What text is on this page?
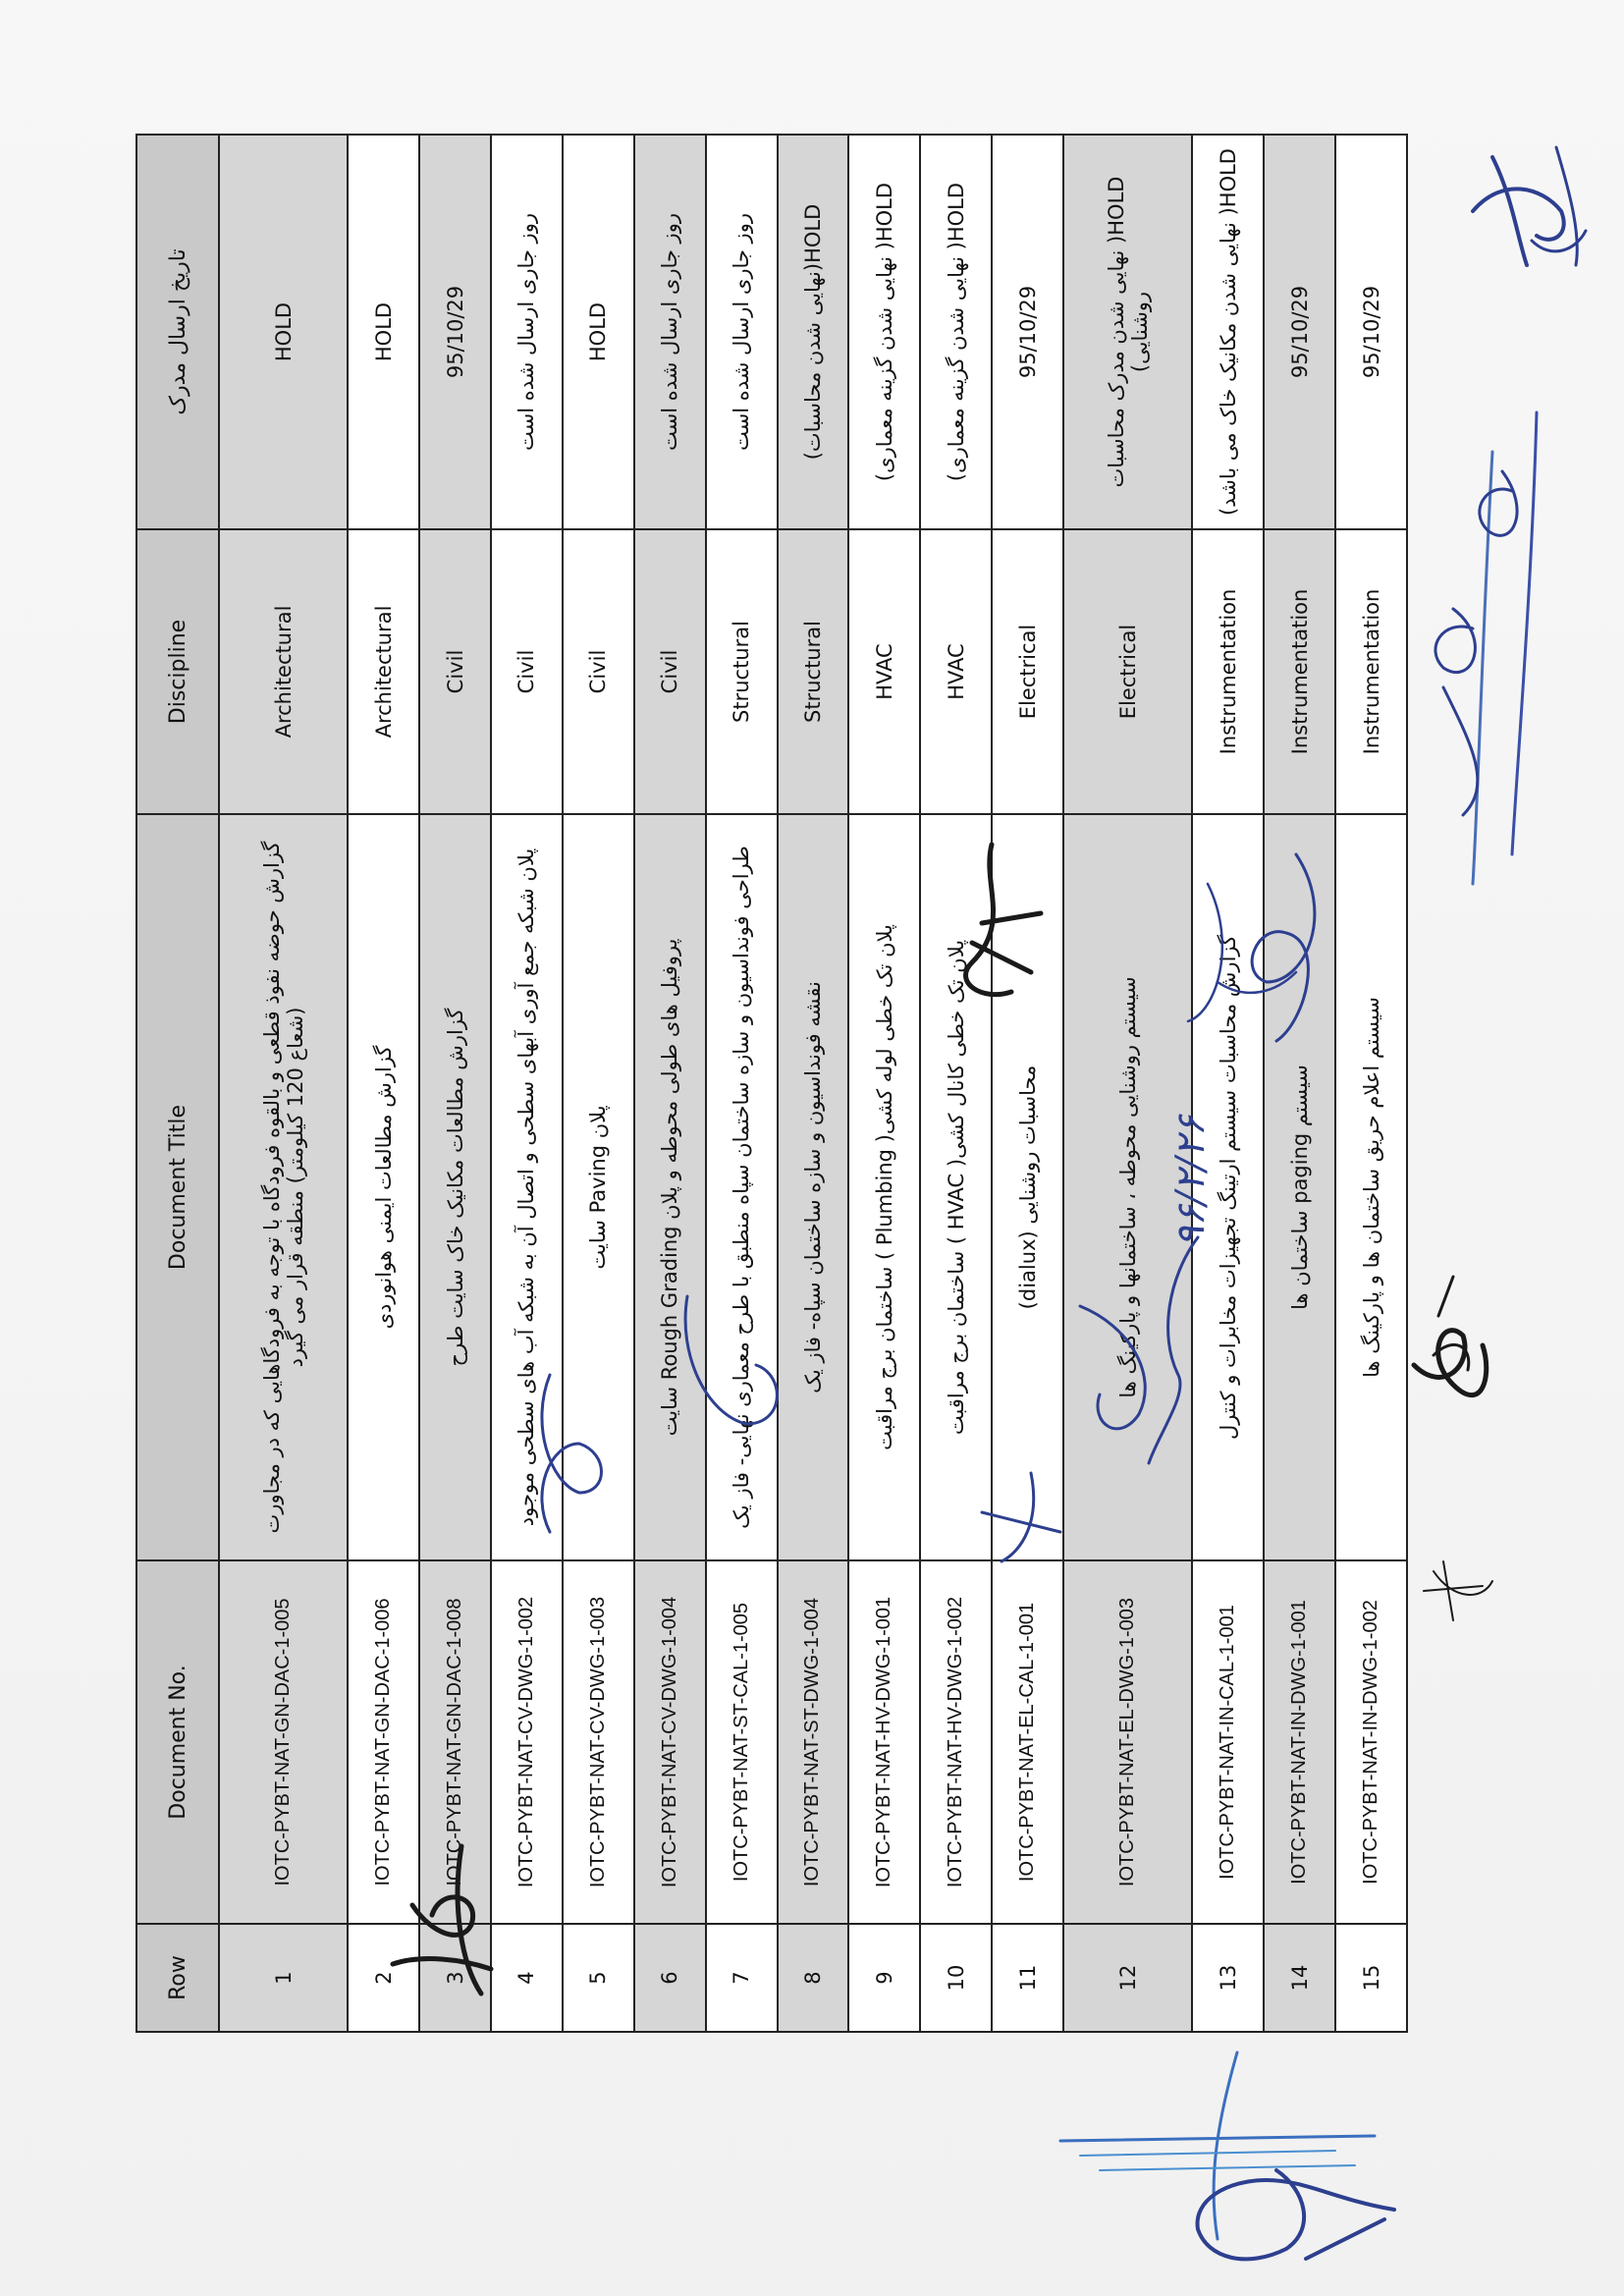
Row	Document No.	Document Title	Discipline	تاریخ ارسال مدرک
1	IOTC-PYBT-NAT-GN-DAC-1-005	گزارش حوضه نفوذ قطعی و بالقوه فرودگاه با توجه به فرودگاهایی که در مجاورت (شعاع 120 کیلومتر) منطقه قرار می گیرد	Architectural	HOLD
2	IOTC-PYBT-NAT-GN-DAC-1-006	گزارش مطالعات ایمنی هوانوردی	Architectural	HOLD
3	IOTC-PYBT-NAT-GN-DAC-1-008	گزارش مطالعات مکانیک خاک سایت طرح	Civil	95/10/29
4	IOTC-PYBT-NAT-CV-DWG-1-002	پلان شبکه جمع آوری آبهای سطحی و اتصال آن به شبکه آب های سطحی موجود	Civil	روز جاری ارسال شده است
5	IOTC-PYBT-NAT-CV-DWG-1-003	پلان Paving سایت	Civil	HOLD
6	IOTC-PYBT-NAT-CV-DWG-1-004	پروفیل های طولی محوطه و پلان Rough Grading سایت	Civil	روز جاری ارسال شده است
7	IOTC-PYBT-NAT-ST-CAL-1-005	طراحی فونداسیون و سازه ساختمان سپاه منطبق با طرح معماری نهایی- فاز یک	Structural	روز جاری ارسال شده است
8	IOTC-PYBT-NAT-ST-DWG-1-004	نقشه فونداسیون و سازه ساختمان سپاه- فاز یک	Structural	HOLD(نهایی شدن محاسبات)
9	IOTC-PYBT-NAT-HV-DWG-1-001	پلان تک خطی لوله کشی( Plumbing ) ساختمان برج مراقبت	HVAC	HOLD( نهایی شدن گزینه معماری)
10	IOTC-PYBT-NAT-HV-DWG-1-002	پلان تک خطی کانال کشی( HVAC ) ساختمان برج مراقبت	HVAC	HOLD( نهایی شدن گزینه معماری)
11	IOTC-PYBT-NAT-EL-CAL-1-001	محاسبات روشنایی (dialux)	Electrical	95/10/29
12	IOTC-PYBT-NAT-EL-DWG-1-003	سیستم روشنایی محوطه ، ساختمانها و پارکینگ ها	Electrical	HOLD( نهایی شدن مدرک محاسبات روشنایی)
13	IOTC-PYBT-NAT-IN-CAL-1-001	گزارش محاسبات سیستم ارتینگ تجهیزات مخابرات و کنترل	Instrumentation	HOLD( نهایی شدن مکانیک خاک می باشد)
14	IOTC-PYBT-NAT-IN-DWG-1-001	سیستم paging ساختمان ها	Instrumentation	95/10/29
15	IOTC-PYBT-NAT-IN-DWG-1-002	سیستم اعلام حریق ساختمان ها و پارکینگ ها	Instrumentation	95/10/29
۹۶/۲/۲۶
